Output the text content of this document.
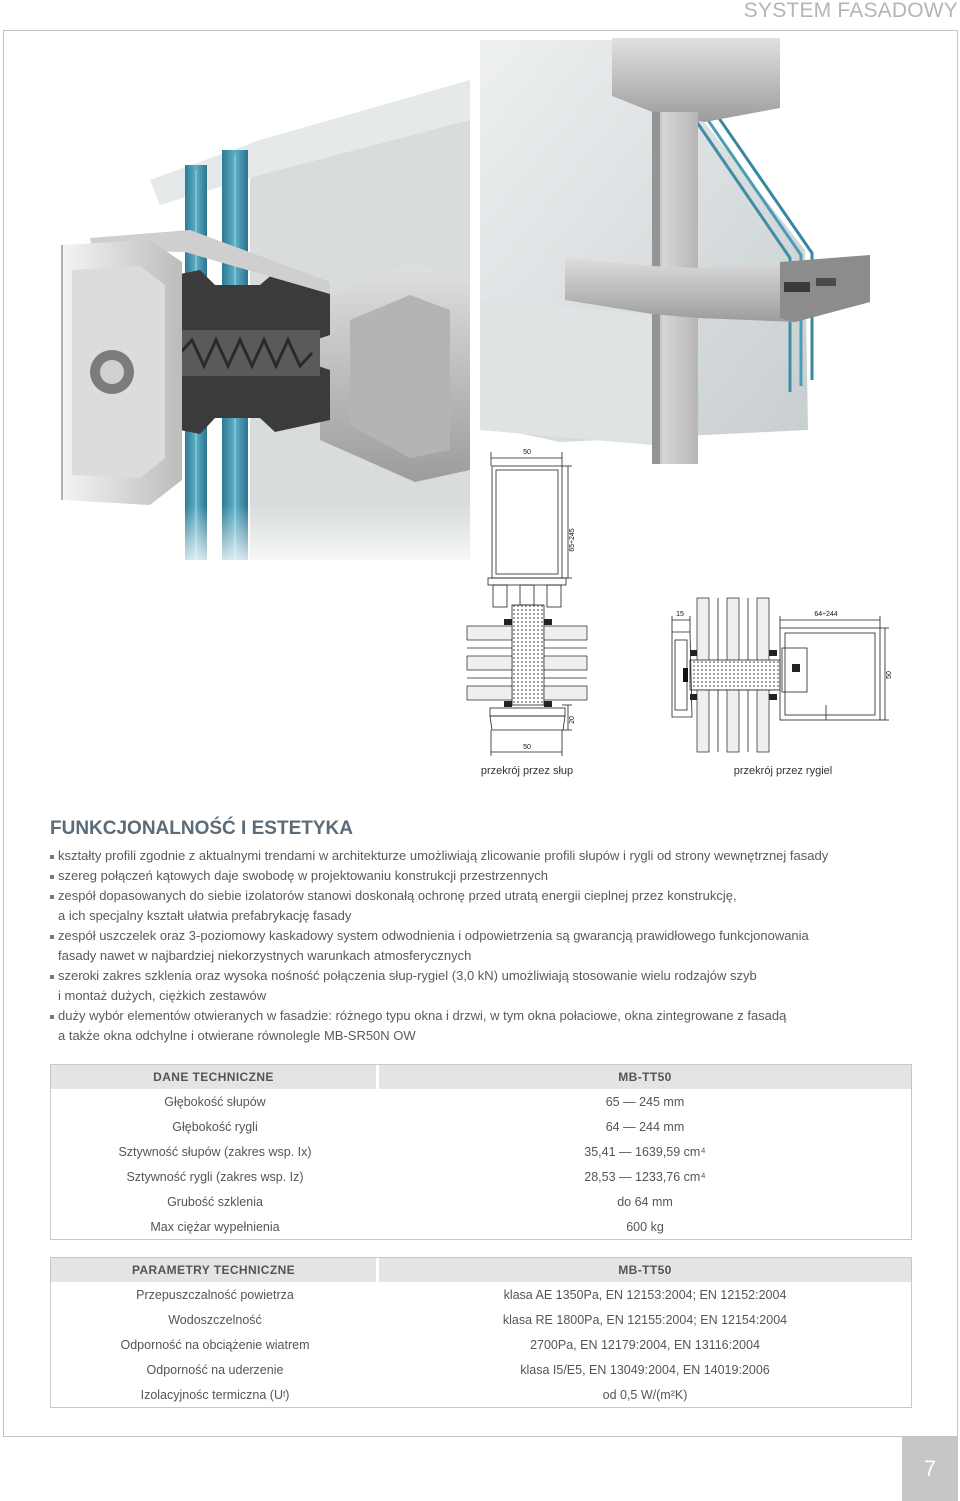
SYSTEM FASADOWY
50
50
65÷245
20
15	64÷244
50
przekrój przez słup	przekrój przez rygiel
FUNKCJONALNOŚĆ I ESTETYKA
kształty profili zgodnie z aktualnymi trendami w architekturze umożliwiają zlicowanie profili słupów i rygli od strony wewnętrznej fasady
szereg połączeń kątowych daje swobodę w projektowaniu konstrukcji przestrzennych
zespół dopasowanych do siebie izolatorów stanowi doskonałą ochronę przed utratą energii cieplnej przez konstrukcję,
a ich specjalny kształt ułatwia prefabrykację fasady
zespół uszczelek oraz 3-poziomowy kaskadowy system odwodnienia i odpowietrzenia są gwarancją prawidłowego funkcjonowania
fasady nawet w najbardziej niekorzystnych warunkach atmosferycznych
szeroki zakres szklenia oraz wysoka nośność połączenia słup-rygiel (3,0 kN) umożliwiają stosowanie wielu rodzajów szyb
i montaż dużych, ciężkich zestawów
duży wybór elementów otwieranych w fasadzie: różnego typu okna i drzwi, w tym okna połaciowe, okna zintegrowane z fasadą
a także okna odchylne i otwierane równolegle MB-SR50N OW
DANE TECHNICZNE	MB-TT50
Głębokość słupów	65 — 245 mm
Głębokość rygli	64 — 244 mm
Sztywność słupów (zakres wsp. Ix)	35,41 — 1639,59 cm⁴
Sztywność rygli (zakres wsp. Iz)	28,53 — 1233,76 cm⁴
Grubość szklenia	do 64 mm
Max ciężar wypełnienia	600 kg
PARAMETRY TECHNICZNE	MB-TT50
Przepuszczalność powietrza	klasa AE 1350Pa, EN 12153:2004; EN 12152:2004
Wodoszczelność	klasa RE 1800Pa, EN 12155:2004; EN 12154:2004
Odporność na obciążenie wiatrem	2700Pa, EN 12179:2004, EN 13116:2004
Odporność na uderzenie	klasa I5/E5, EN 13049:2004, EN 14019:2006
Izolacyjnośc termiczna (U f )	od 0,5 W/(m²K)
7
